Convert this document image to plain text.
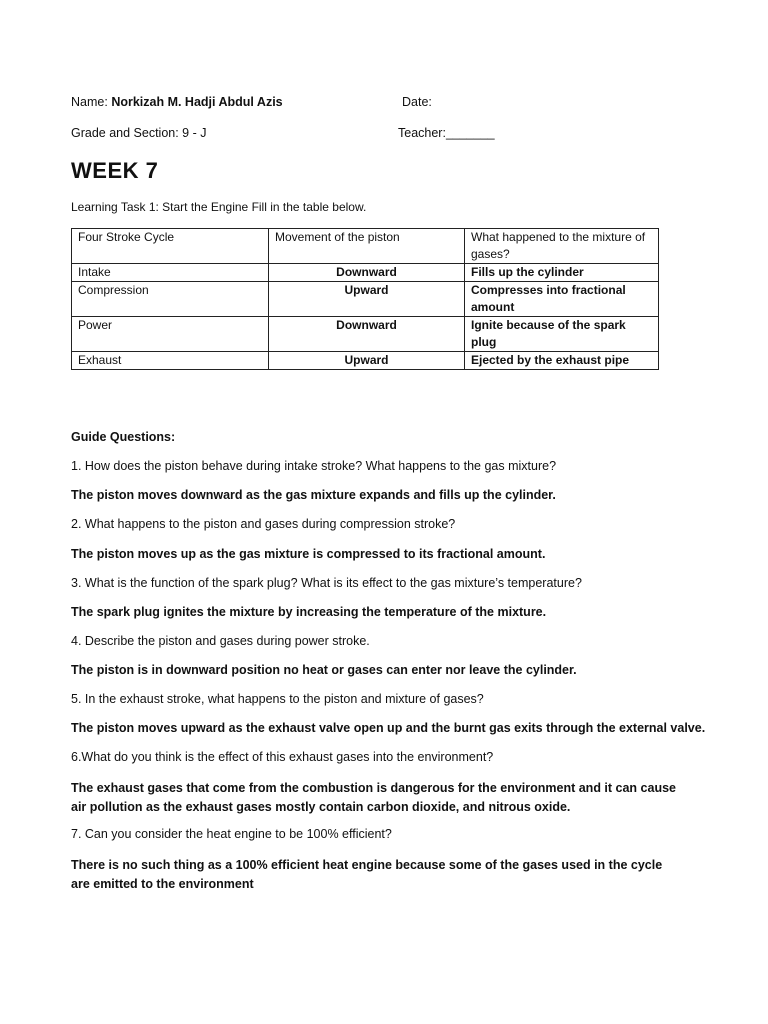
Name: Norkizah M. Hadji Abdul Azis	Date:
Grade and Section: 9 - J	Teacher:_______
WEEK 7
Learning Task 1: Start the Engine Fill in the table below.
Four Stroke Cycle	Movement of the piston	What happened to the mixture of gases?
Intake	Downward	Fills up the cylinder
Compression	Upward	Compresses into fractional amount
Power	Downward	Ignite because of the spark plug
Exhaust	Upward	Ejected by the exhaust pipe
Guide Questions:
1. How does the piston behave during intake stroke? What happens to the gas mixture?
The piston moves downward as the gas mixture expands and fills up the cylinder.
2. What happens to the piston and gases during compression stroke?
The piston moves up as the gas mixture is compressed to its fractional amount.
3. What is the function of the spark plug? What is its effect to the gas mixture’s temperature?
The spark plug ignites the mixture by increasing the temperature of the mixture.
4. Describe the piston and gases during power stroke.
The piston is in downward position no heat or gases can enter nor leave the cylinder.
5. In the exhaust stroke, what happens to the piston and mixture of gases?
The piston moves upward as the exhaust valve open up and the burnt gas exits through the external valve.
6.What do you think is the effect of this exhaust gases into the environment?
The exhaust gases that come from the combustion is dangerous for the environment and it can cause air pollution as the exhaust gases mostly contain carbon dioxide, and nitrous oxide.
7. Can you consider the heat engine to be 100% efficient?
There is no such thing as a 100% efficient heat engine because some of the gases used in the cycle are emitted to the environment
